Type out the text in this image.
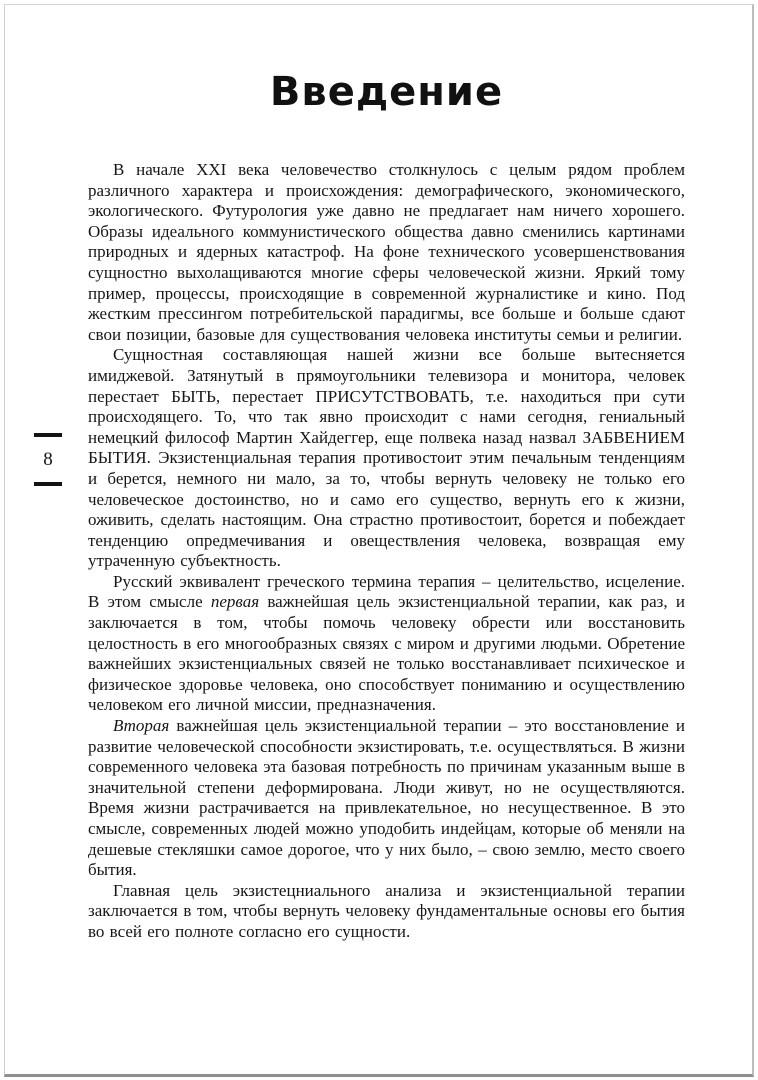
8
Введение

В начале XXI века человечество столкнулось с целым рядом проблем различного характера и происхождения: демографического, экономического, экологического. Футурология уже давно не предлагает нам ничего хорошего. Образы идеального коммунистического общества давно сменились картинами природных и ядерных катастроф. На фоне технического усовершенствования сущностно выхолащиваются многие сферы человеческой жизни. Яркий тому пример, процессы, происходящие в современной журналистике и кино. Под жестким прессингом потребительской парадигмы, все больше и больше сдают свои позиции, базовые для существования человека институты семьи и религии.

Сущностная составляющая нашей жизни все больше вытесняется имиджевой. Затянутый в прямоугольники телевизора и монитора, человек перестает БЫТЬ, перестает ПРИСУТСТВОВАТЬ, т.е. находиться при сути происходящего. То, что так явно происходит с нами сегодня, гениальный немецкий философ Мартин Хайдеггер, еще полвека назад назвал ЗАБВЕНИЕМ БЫТИЯ. Экзистенциальная терапия противостоит этим печальным тенденциям и берется, немного ни мало, за то, чтобы вернуть человеку не только его человеческое достоинство, но и само его существо, вернуть его к жизни, оживить, сделать настоящим. Она страстно противостоит, борется и побеждает тенденцию опредмечивания и овеществления человека, возвращая ему утраченную субъектность.

Русский эквивалент греческого термина терапия – целительство, исцеление. В этом смысле первая важнейшая цель экзистенциальной терапии, как раз, и заключается в том, чтобы помочь человеку обрести или восстановить целостность в его многообразных связях с миром и другими людьми. Обретение важнейших экзистенциальных связей не только восстанавливает психическое и физическое здоровье человека, оно способствует пониманию и осуществлению человеком его личной миссии, предназначения.

Вторая важнейшая цель экзистенциальной терапии – это восстановление и развитие человеческой способности экзистировать, т.е. осуществляться. В жизни современного человека эта базовая потребность по причинам указанным выше в значительной степени деформирована. Люди живут, но не осуществляются. Время жизни растрачивается на привлекательное, но несущественное. В это смысле, современных людей можно уподобить индейцам, которые об меняли на дешевые стекляшки самое дорогое, что у них было, – свою землю, место своего бытия.

Главная цель экзистецниального анализа и экзистенциальной терапии заключается в том, чтобы вернуть человеку фундаментальные основы его бытия во всей его полноте согласно его сущности.
